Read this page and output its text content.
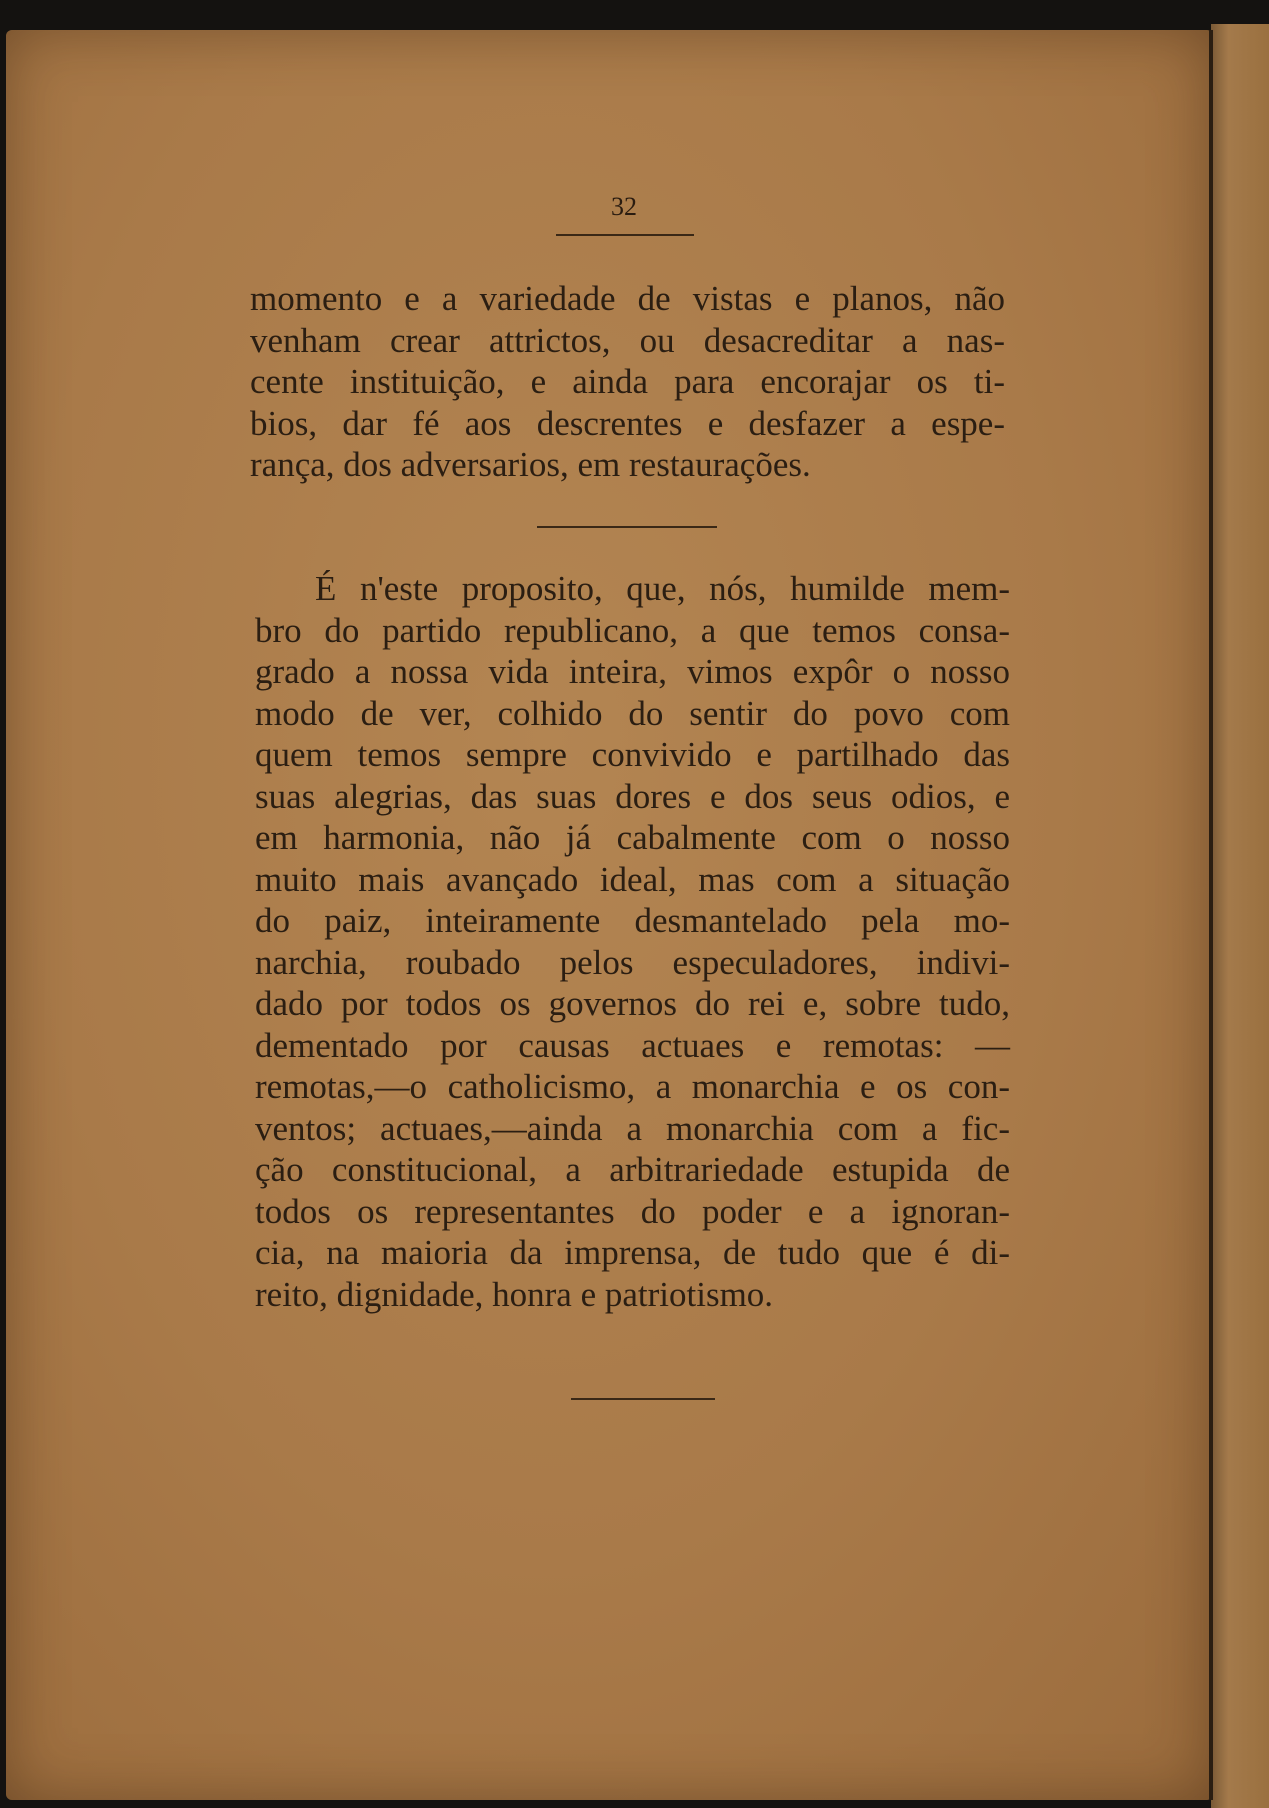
32
momento e a variedade de vistas e planos, não
venham crear attrictos, ou desacreditar a nas-
cente instituição, e ainda para encorajar os ti-
bios, dar fé aos descrentes e desfazer a espe-
rança, dos adversarios, em restaurações.
É n'este proposito, que, nós, humilde mem-
bro do partido republicano, a que temos consa-
grado a nossa vida inteira, vimos expôr o nosso
modo de ver, colhido do sentir do povo com
quem temos sempre convivido e partilhado das
suas alegrias, das suas dores e dos seus odios, e
em harmonia, não já cabalmente com o nosso
muito mais avançado ideal, mas com a situação
do paiz, inteiramente desmantelado pela mo-
narchia, roubado pelos especuladores, indivi-
dado por todos os governos do rei e, sobre tudo,
dementado por causas actuaes e remotas: —
remotas,—o catholicismo, a monarchia e os con-
ventos; actuaes,—ainda a monarchia com a fic-
ção constitucional, a arbitrariedade estupida de
todos os representantes do poder e a ignoran-
cia, na maioria da imprensa, de tudo que é di-
reito, dignidade, honra e patriotismo.
